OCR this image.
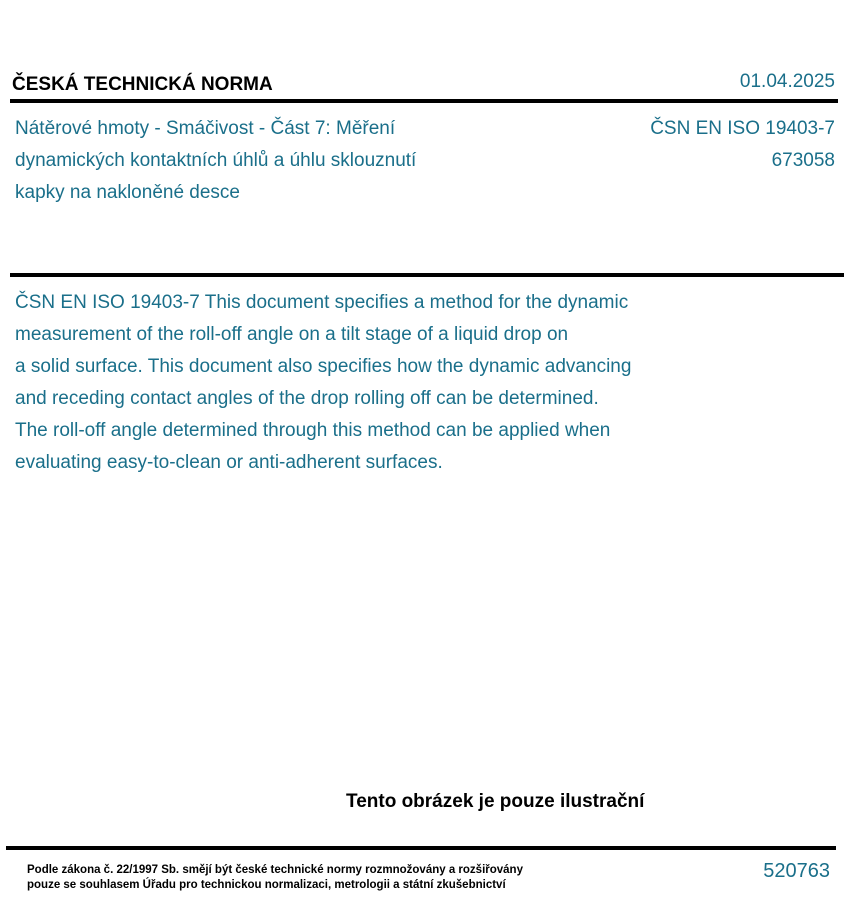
ČESKÁ TECHNICKÁ NORMA	01.04.2025
Nátěrové hmoty - Smáčivost - Část 7: Měření
dynamických kontaktních úhlů a úhlu sklouznutí
kapky na nakloněné desce
ČSN EN ISO 19403-7
673058
ČSN EN ISO 19403-7 This document specifies a method for the dynamic
measurement of the roll-off angle on a tilt stage of a liquid drop on
a solid surface. This document also specifies how the dynamic advancing
and receding contact angles of the drop rolling off can be determined.
The roll-off angle determined through this method can be applied when
evaluating easy-to-clean or anti-adherent surfaces.
Tento obrázek je pouze ilustrační
Podle zákona č. 22/1997 Sb. smějí být české technické normy rozmnožovány a rozšiřovány
pouze se souhlasem Úřadu pro technickou normalizaci, metrologii a státní zkušebnictví
520763
